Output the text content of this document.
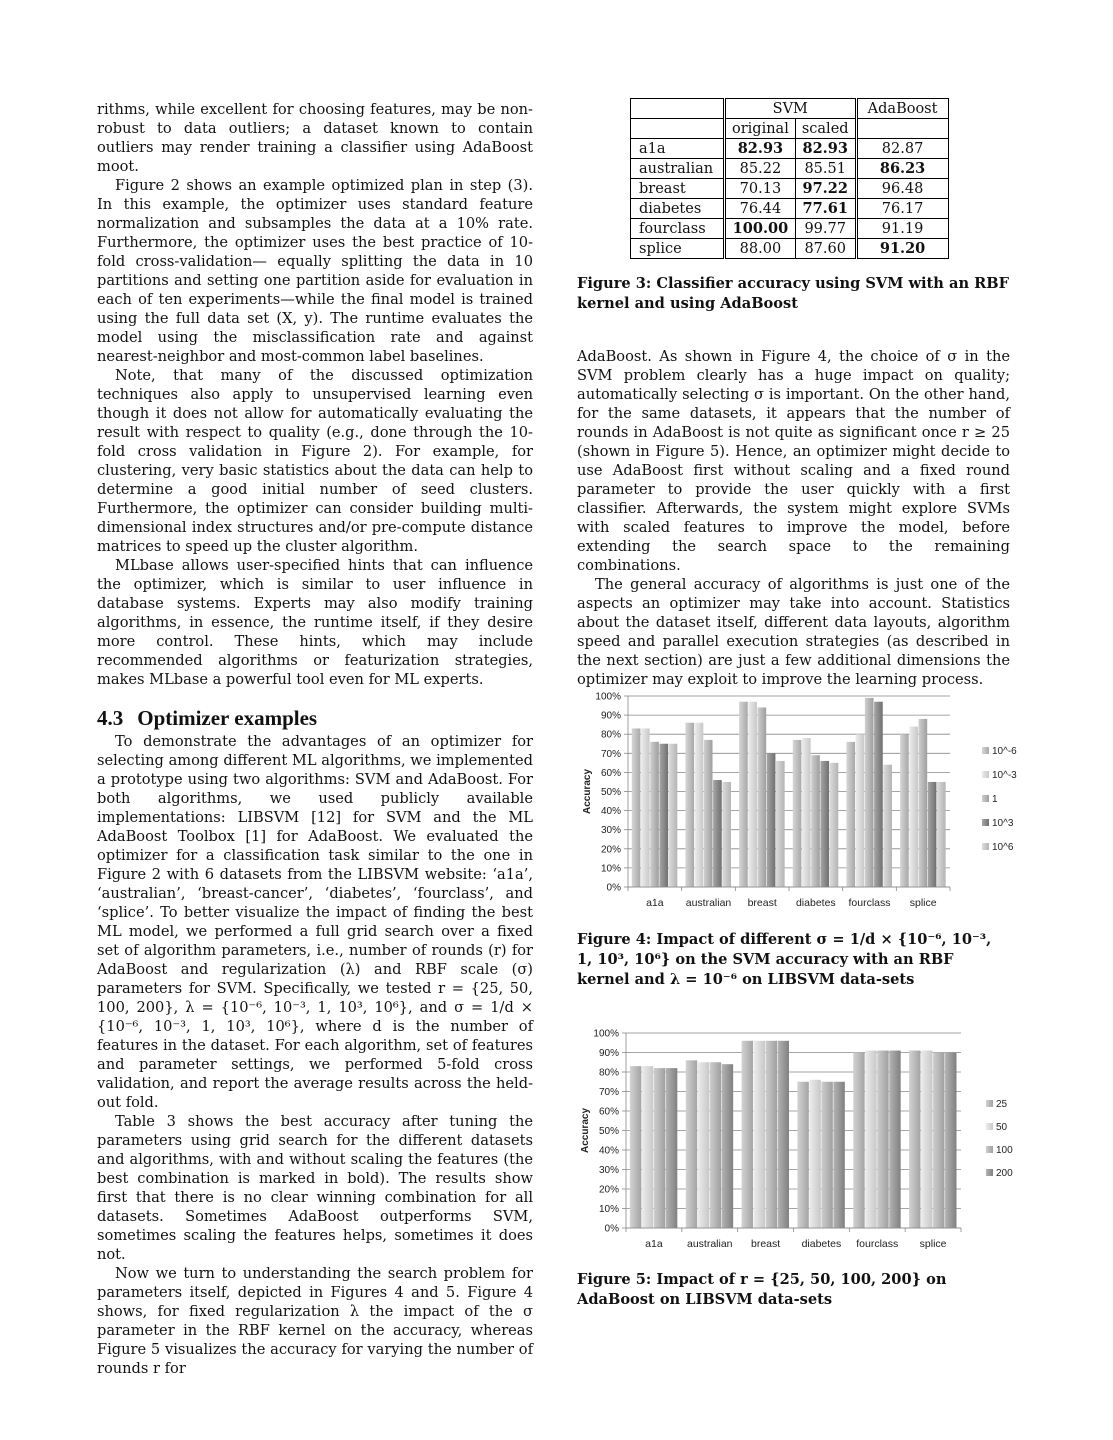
rithms, while excellent for choosing features, may be non-robust to data outliers; a dataset known to contain outliers may render training a classifier using AdaBoost moot.

Figure 2 shows an example optimized plan in step (3). In this example, the optimizer uses standard feature normalization and subsamples the data at a 10% rate. Furthermore, the optimizer uses the best practice of 10-fold cross-validation— equally splitting the data in 10 partitions and setting one partition aside for evaluation in each of ten experiments—while the final model is trained using the full data set (X, y). The runtime evaluates the model using the misclassification rate and against nearest-neighbor and most-common label baselines.

Note, that many of the discussed optimization techniques also apply to unsupervised learning even though it does not allow for automatically evaluating the result with respect to quality (e.g., done through the 10-fold cross validation in Figure 2). For example, for clustering, very basic statistics about the data can help to determine a good initial number of seed clusters. Furthermore, the optimizer can consider building multi-dimensional index structures and/or pre-compute distance matrices to speed up the cluster algorithm.

MLbase allows user-specified hints that can influence the optimizer, which is similar to user influence in database systems. Experts may also modify training algorithms, in essence, the runtime itself, if they desire more control. These hints, which may include recommended algorithms or featurization strategies, makes MLbase a powerful tool even for ML experts.

4.3 Optimizer examples

To demonstrate the advantages of an optimizer for selecting among different ML algorithms, we implemented a prototype using two algorithms: SVM and AdaBoost. For both algorithms, we used publicly available implementations: LIBSVM [12] for SVM and the ML AdaBoost Toolbox [1] for AdaBoost. We evaluated the optimizer for a classification task similar to the one in Figure 2 with 6 datasets from the LIBSVM website: ‘a1a’, ‘australian’, ‘breast-cancer’, ‘diabetes’, ‘fourclass’, and ‘splice’. To better visualize the impact of finding the best ML model, we performed a full grid search over a fixed set of algorithm parameters, i.e., number of rounds (r) for AdaBoost and regularization (λ) and RBF scale (σ) parameters for SVM. Specifically, we tested r = {25, 50, 100, 200}, λ = {10⁻⁶, 10⁻³, 1, 10³, 10⁶}, and σ = 1/d × {10⁻⁶, 10⁻³, 1, 10³, 10⁶}, where d is the number of features in the dataset. For each algorithm, set of features and parameter settings, we performed 5-fold cross validation, and report the average results across the held-out fold.

Table 3 shows the best accuracy after tuning the parameters using grid search for the different datasets and algorithms, with and without scaling the features (the best combination is marked in bold). The results show first that there is no clear winning combination for all datasets. Sometimes AdaBoost outperforms SVM, sometimes scaling the features helps, sometimes it does not.

Now we turn to understanding the search problem for parameters itself, depicted in Figures 4 and 5. Figure 4 shows, for fixed regularization λ the impact of the σ parameter in the RBF kernel on the accuracy, whereas Figure 5 visualizes the accuracy for varying the number of rounds r for

	SVM		AdaBoost
	original	scaled	
a1a	82.93	82.93	82.87
australian	85.22	85.51	86.23
breast	70.13	97.22	96.48
diabetes	76.44	77.61	76.17
fourclass	100.00	99.77	91.19
splice	88.00	87.60	91.20
Figure 3: Classifier accuracy using SVM with an RBF kernel and using AdaBoost

AdaBoost. As shown in Figure 4, the choice of σ in the SVM problem clearly has a huge impact on quality; automatically selecting σ is important. On the other hand, for the same datasets, it appears that the number of rounds in AdaBoost is not quite as significant once r ≥ 25 (shown in Figure 5). Hence, an optimizer might decide to use AdaBoost first without scaling and a fixed round parameter to provide the user quickly with a first classifier. Afterwards, the system might explore SVMs with scaled features to improve the model, before extending the search space to the remaining combinations.

The general accuracy of algorithms is just one of the aspects an optimizer may take into account. Statistics about the dataset itself, different data layouts, algorithm speed and parallel execution strategies (as described in the next section) are just a few additional dimensions the optimizer may exploit to improve the learning process.

0%
10%
20%
30%
40%
50%
60%
70%
80%
90%
100%
Accuracy
a1a australian breast diabetes fourclass splice
10^-6
10^-3
1
10^3
10^6
Figure 4: Impact of different σ = 1/d × {10⁻⁶, 10⁻³, 1, 10³, 10⁶} on the SVM accuracy with an RBF kernel and λ = 10⁻⁶ on LIBSVM data-sets
0%
10%
20%
30%
40%
50%
60%
70%
80%
90%
100%
Accuracy
a1a australian breast diabetes fourclass splice
25
50
100
200
Figure 5: Impact of r = {25, 50, 100, 200} on AdaBoost on LIBSVM data-sets
